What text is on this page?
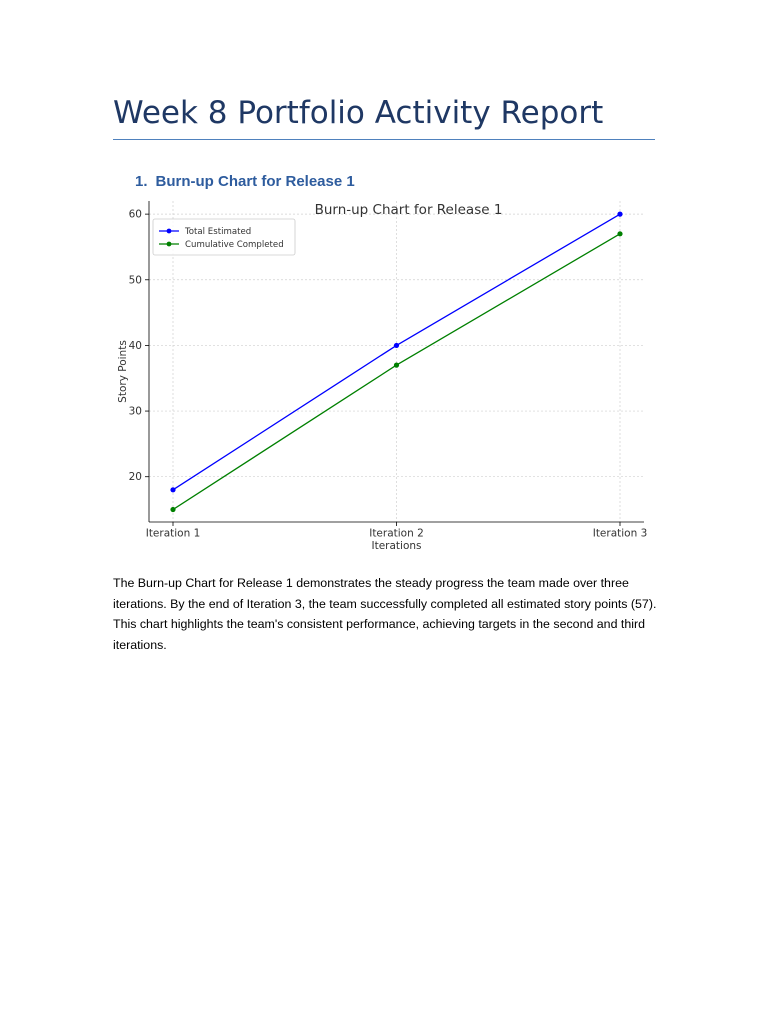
Week 8 Portfolio Activity Report
1. Burn-up Chart for Release 1
20
30
40
50
60
Iteration 1	Iteration 2	Iteration 3
Burn-up Chart for Release 1
Iterations
Story Points
Total Estimated
Cumulative Completed

The Burn-up Chart for Release 1 demonstrates the steady progress the team made over three iterations. By the end of Iteration 3, the team successfully completed all estimated story points (57). This chart highlights the team's consistent performance, achieving targets in the second and third iterations.
